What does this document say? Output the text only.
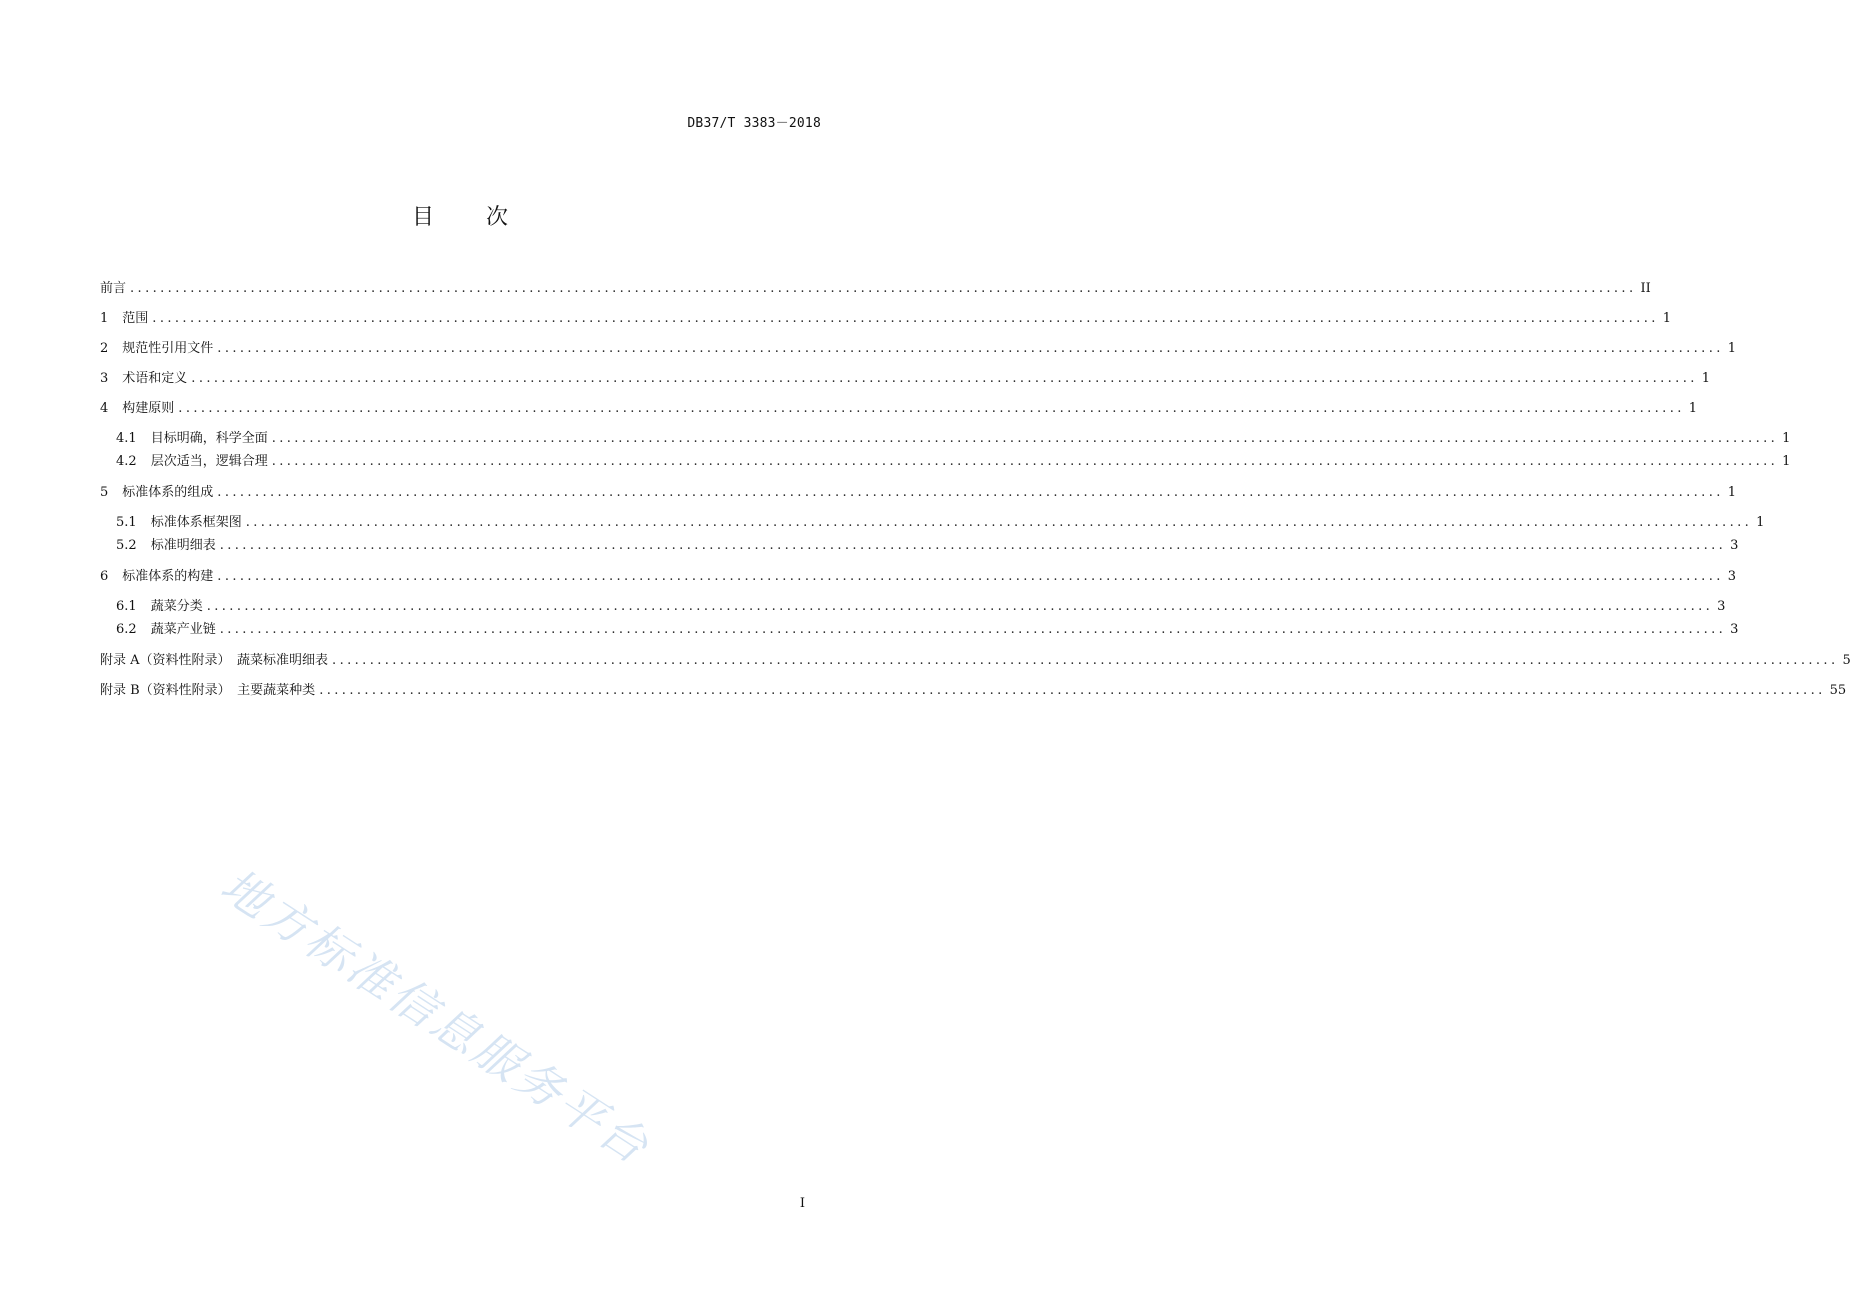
DB37/T 3383－2018
目次
前言 ........................................................................................................................................................................................................ II
1 范围 ........................................................................................................................................................................................................ 1
2 规范性引用文件 ........................................................................................................................................................................................................ 1
3 术语和定义 ........................................................................................................................................................................................................ 1
4 构建原则 ........................................................................................................................................................................................................ 1
4.1 目标明确，科学全面 ........................................................................................................................................................................................................ 1
4.2 层次适当，逻辑合理 ........................................................................................................................................................................................................ 1
5 标准体系的组成 ........................................................................................................................................................................................................ 1
5.1 标准体系框架图 ........................................................................................................................................................................................................ 1
5.2 标准明细表 ........................................................................................................................................................................................................ 3
6 标准体系的构建 ........................................................................................................................................................................................................ 3
6.1 蔬菜分类 ........................................................................................................................................................................................................ 3
6.2 蔬菜产业链 ........................................................................................................................................................................................................ 3
附录 A（资料性附录）　蔬菜标准明细表 ........................................................................................................................................................................................................ 5
附录 B（资料性附录）　主要蔬菜种类 ........................................................................................................................................................................................................ 55
地方标准信息服务平台
I
